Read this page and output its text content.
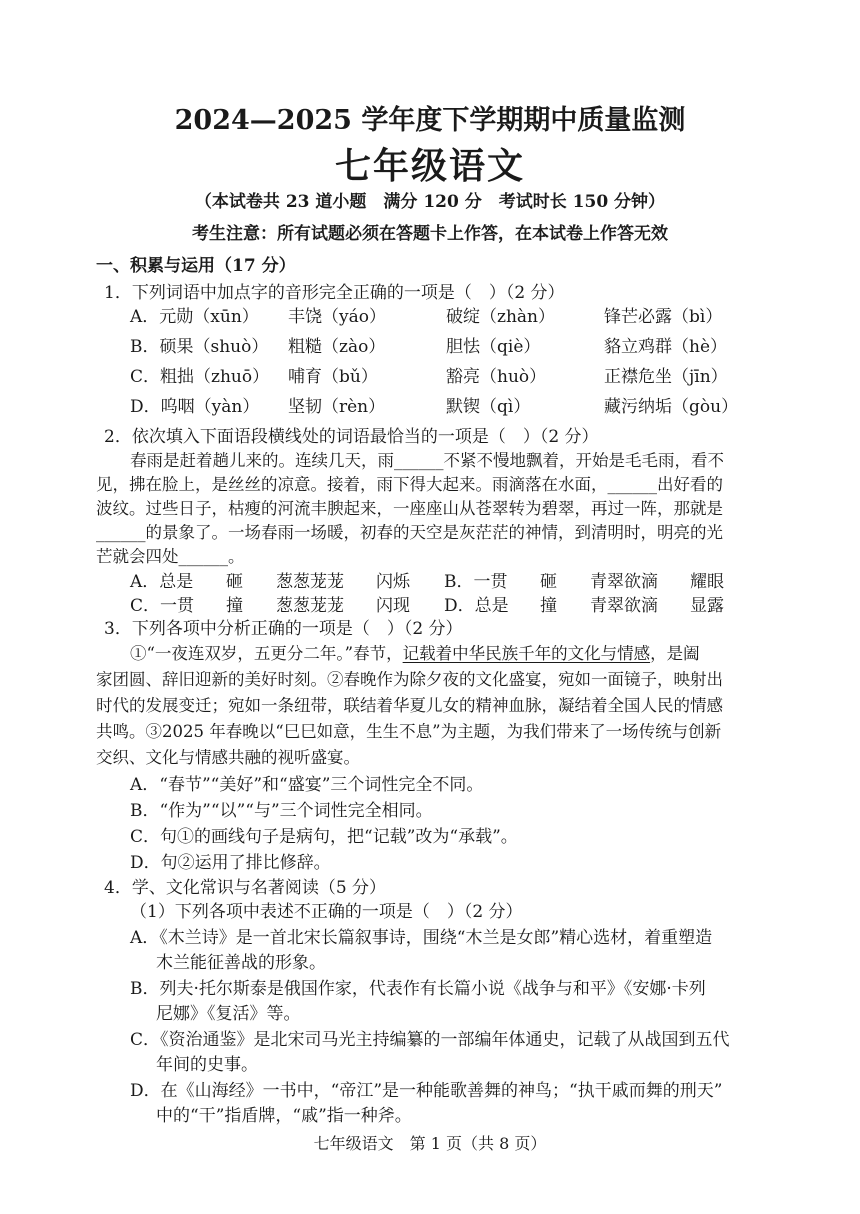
2024—2025 学年度下学期期中质量监测
七年级语文
（本试卷共 23 道小题　满分 120 分　考试时长 150 分钟）
考生注意：所有试题必须在答题卡上作答，在本试卷上作答无效
一、积累与运用（17 分）
1．下列词语中加点字的音形完全正确的一项是（　）（2 分）
A．元勋（xūn） 丰饶（yáo）	破绽（zhàn）	锋芒必露（bì）
B．硕果（shuò） 粗糙（zào）	胆怯（qiè）	貉立鸡群（hè）
C．粗拙（zhuō） 哺育（bǔ）	豁亮（huò）	正襟危坐（jīn）
D．呜咽（yàn） 坚韧（rèn）	默锲（qì）	藏污纳垢（gòu）
2．依次填入下面语段横线处的词语最恰当的一项是（　）（2 分）
春雨是赶着趟儿来的。连续几天，雨______不紧不慢地飘着，开始是毛毛雨，看不
见，拂在脸上，是丝丝的凉意。接着，雨下得大起来。雨滴落在水面，______出好看的
波纹。过些日子，枯瘦的河流丰腴起来，一座座山从苍翠转为碧翠，再过一阵，那就是
______的景象了。一场春雨一场暖，初春的天空是灰茫茫的神情，到清明时，明亮的光
芒就会四处______。
A．总是 砸 葱葱茏茏 闪烁 B．一贯 砸 青翠欲滴 耀眼
C．一贯 撞 葱葱茏茏 闪现 D．总是 撞 青翠欲滴 显露
3．下列各项中分析正确的一项是（　）（2 分）
①“一夜连双岁，五更分二年。”春节，记载着中华民族千年的文化与情感，是阖
家团圆、辞旧迎新的美好时刻。②春晚作为除夕夜的文化盛宴，宛如一面镜子，映射出
时代的发展变迁；宛如一条纽带，联结着华夏儿女的精神血脉，凝结着全国人民的情感
共鸣。③2025 年春晚以“巳巳如意，生生不息”为主题，为我们带来了一场传统与创新
交织、文化与情感共融的视听盛宴。
A．“春节”“美好”和“盛宴”三个词性完全不同。
B．“作为”“以”“与”三个词性完全相同。
C．句①的画线句子是病句，把“记载”改为“承载”。
D．句②运用了排比修辞。
4．学、文化常识与名著阅读（5 分）
（1）下列各项中表述不正确的一项是（　）（2 分）
A．《木兰诗》是一首北宋长篇叙事诗，围绕“木兰是女郎”精心选材，着重塑造
木兰能征善战的形象。
B．列夫·托尔斯泰是俄国作家，代表作有长篇小说《战争与和平》《安娜·卡列
尼娜》《复活》等。
C．《资治通鉴》是北宋司马光主持编纂的一部编年体通史，记载了从战国到五代
年间的史事。
D．在《山海经》一书中，“帝江”是一种能歌善舞的神鸟；“执干戚而舞的刑天”
中的“干”指盾牌，“戚”指一种斧。
七年级语文　第 1 页（共 8 页）
